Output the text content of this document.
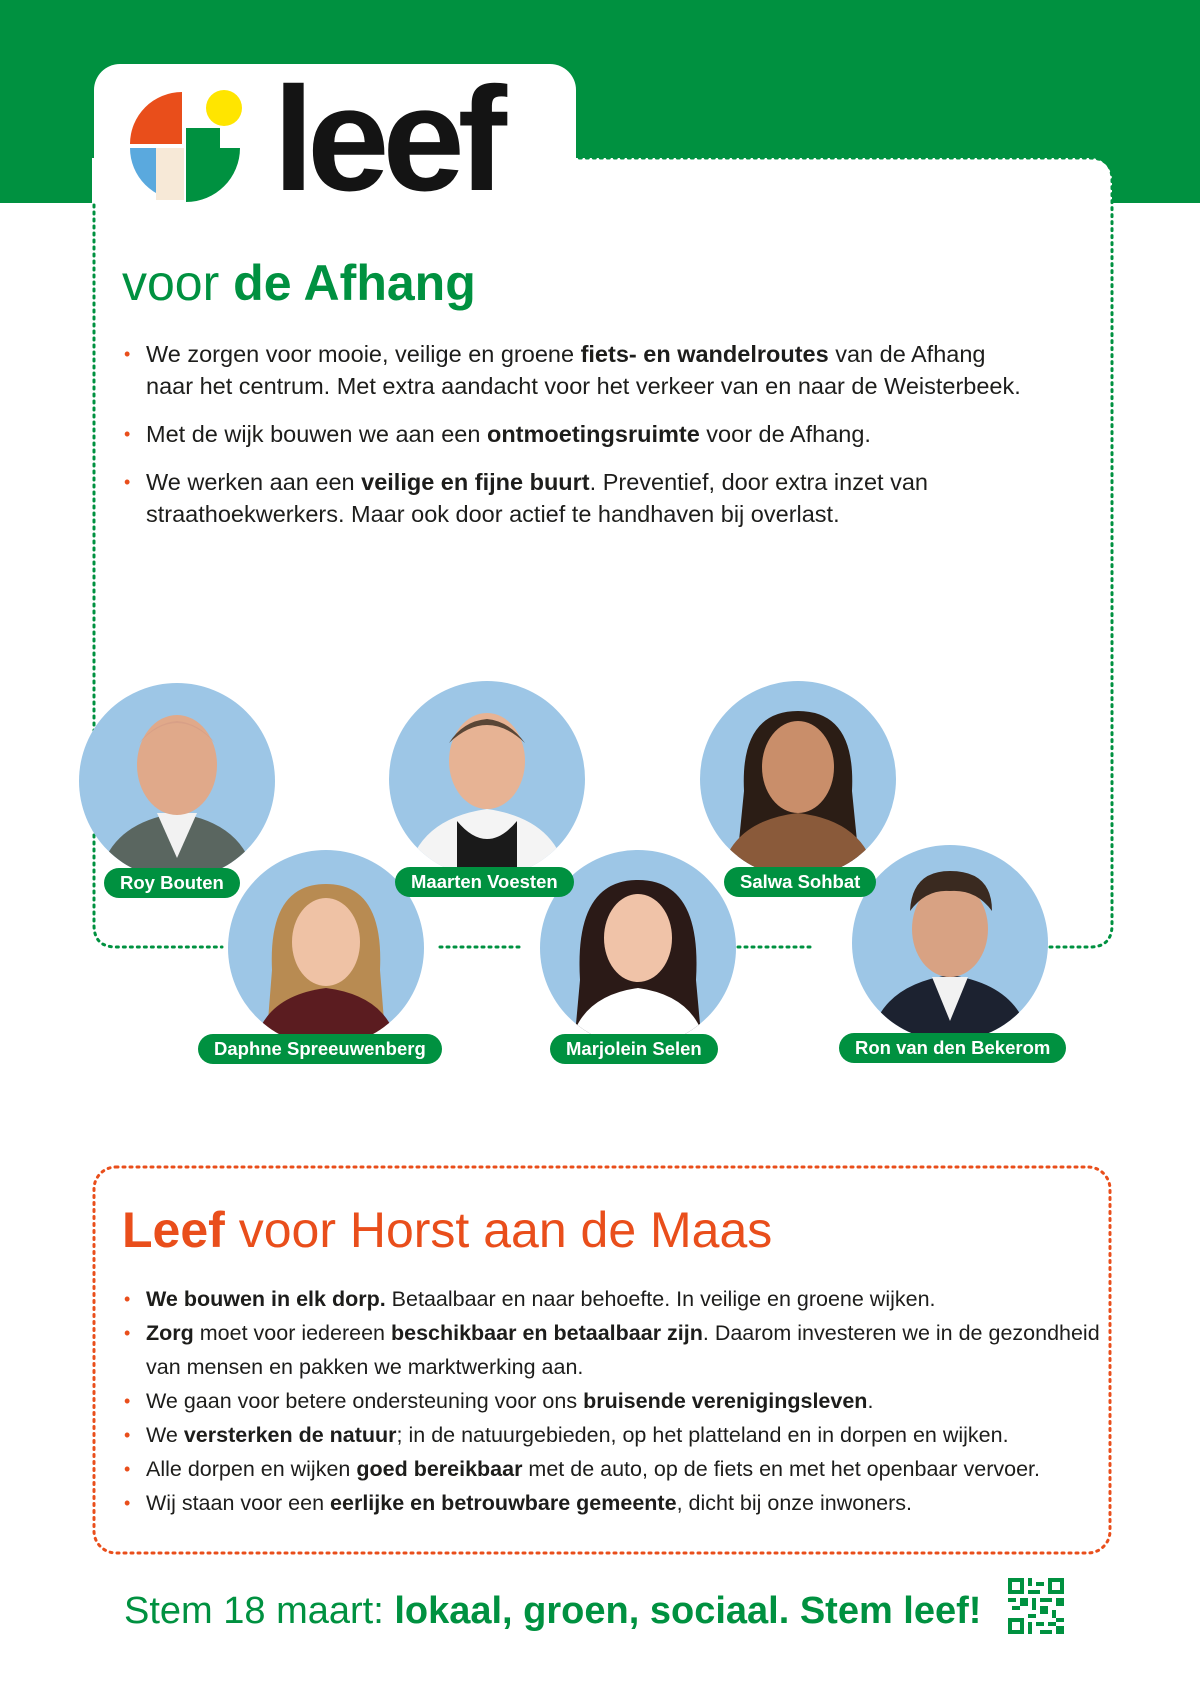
leef
voor de Afhang
• We zorgen voor mooie, veilige en groene fiets- en wandelroutes van de Afhang naar het centrum. Met extra aandacht voor het verkeer van en naar de Weisterbeek.
• Met de wijk bouwen we aan een ontmoetingsruimte voor de Afhang.
• We werken aan een veilige en fijne buurt. Preventief, door extra inzet van straathoekwerkers. Maar ook door actief te handhaven bij overlast.
Roy Bouten	Maarten Voesten	Salwa Sohbat
Daphne Spreeuwenberg	Marjolein Selen	Ron van den Bekerom
Leef voor Horst aan de Maas
• We bouwen in elk dorp. Betaalbaar en naar behoefte. In veilige en groene wijken.
• Zorg moet voor iedereen beschikbaar en betaalbaar zijn. Daarom investeren we in de gezondheid van mensen en pakken we marktwerking aan.
• We gaan voor betere ondersteuning voor ons bruisende verenigingsleven.
• We versterken de natuur; in de natuurgebieden, op het platteland en in dorpen en wijken.
• Alle dorpen en wijken goed bereikbaar met de auto, op de fiets en met het openbaar vervoer.
• Wij staan voor een eerlijke en betrouwbare gemeente, dicht bij onze inwoners.
Stem 18 maart: lokaal, groen, sociaal. Stem leef!
